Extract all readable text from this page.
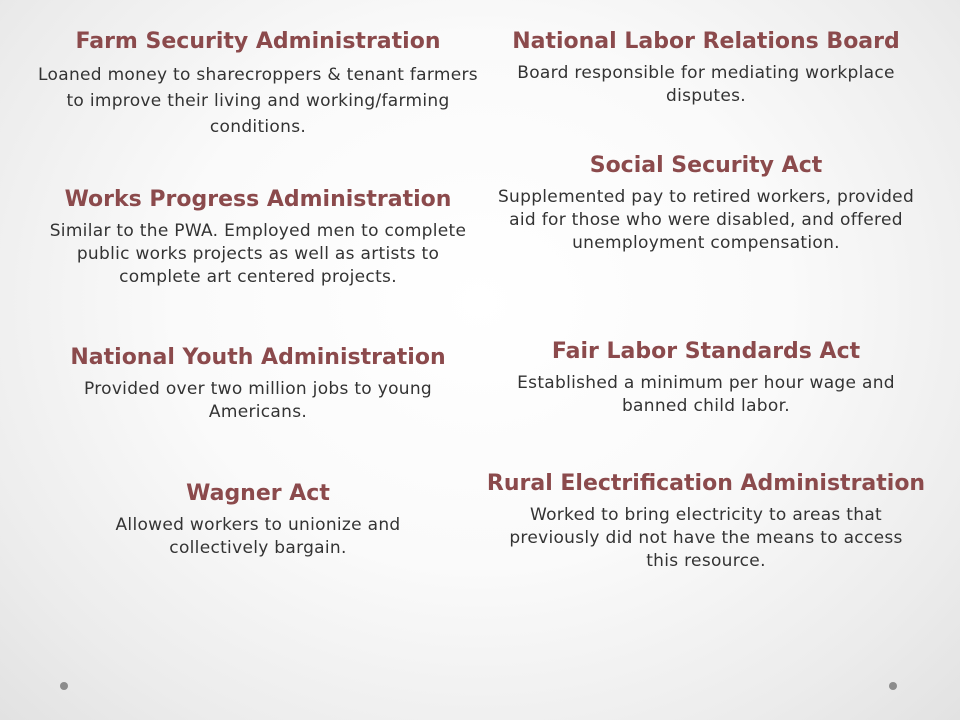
Farm Security Administration
Loaned money to sharecroppers & tenant farmers to improve their living and working/farming conditions.
Works Progress Administration
Similar to the PWA. Employed men to complete public works projects as well as artists to complete art centered projects.
National Youth Administration
Provided over two million jobs to young Americans.
Wagner Act
Allowed workers to unionize and collectively bargain.
National Labor Relations Board
Board responsible for mediating workplace disputes.
Social Security Act
Supplemented pay to retired workers, provided aid for those who were disabled, and offered unemployment compensation.
Fair Labor Standards Act
Established a minimum per hour wage and banned child labor.
Rural Electrification Administration
Worked to bring electricity to areas that previously did not have the means to access this resource.
